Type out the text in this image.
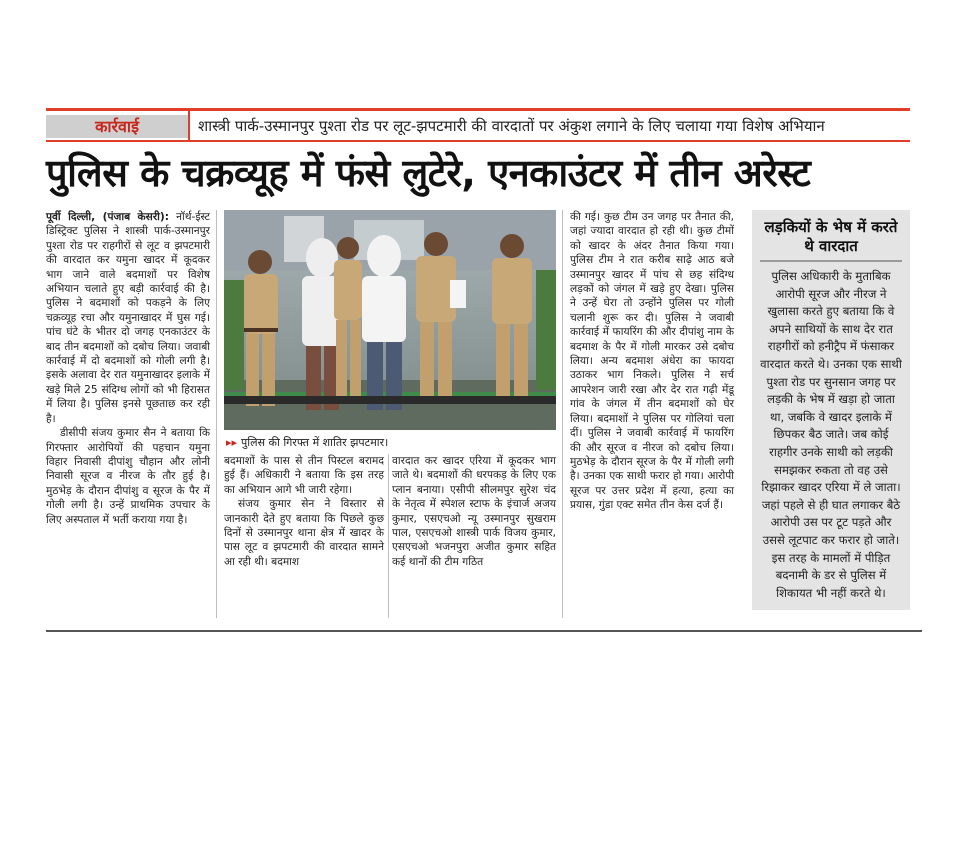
कार्रवाई	शास्त्री पार्क-उस्मानपुर पुश्ता रोड पर लूट-झपटमारी की वारदातों पर अंकुश लगाने के लिए चलाया गया विशेष अभियान
पुलिस के चक्रव्यूह में फंसे लुटेरे, एनकाउंटर में तीन अरेस्ट

पूर्वी दिल्ली, (पंजाब केसरी): नॉर्थ-ईस्ट डिस्ट्रिक्ट पुलिस ने शास्त्री पार्क-उस्मानपुर पुश्ता रोड पर राहगीरों से लूट व झपटमारी की वारदात कर यमुना खादर में कूदकर भाग जाने वाले बदमाशों पर विशेष अभियान चलाते हुए बड़ी कार्रवाई की है। पुलिस ने बदमाशों को पकड़ने के लिए चक्रव्यूह रचा और यमुनाखादर में घुस गई। पांच घंटे के भीतर दो जगह एनकाउंटर के बाद तीन बदमाशों को दबोच लिया। जवाबी कार्रवाई में दो बदमाशों को गोली लगी है। इसके अलावा देर रात यमुनाखादर इलाके में खड़े मिले 25 संदिग्ध लोगों को भी हिरासत में लिया है। पुलिस इनसे पूछताछ कर रही है।

डीसीपी संजय कुमार सैन ने बताया कि गिरफ्तार आरोपियों की पहचान यमुना विहार निवासी दीपांशु चौहान और लोनी निवासी सूरज व नीरज के तौर हुई है। मुठभेड़ के दौरान दीपांशु व सूरज के पैर में गोली लगी है। उन्हें प्राथमिक उपचार के लिए अस्पताल में भर्ती कराया गया है।

▸▸ पुलिस की गिरफ्त में शातिर झपटमार।

बदमाशों के पास से तीन पिस्टल बरामद हुई हैं। अधिकारी ने बताया कि इस तरह का अभियान आगे भी जारी रहेगा।

संजय कुमार सेन ने विस्तार से जानकारी देते हुए बताया कि पिछले कुछ दिनों से उस्मानपुर थाना क्षेत्र में खादर के पास लूट व झपटमारी की वारदात सामने आ रही थी। बदमाश

वारदात कर खादर एरिया में कूदकर भाग जाते थे। बदमाशों की धरपकड़ के लिए एक प्लान बनाया। एसीपी सीलमपुर सुरेश चंद के नेतृत्व में स्पेशल स्टाफ के इंचार्ज अजय कुमार, एसएचओ न्यू उस्मानपुर सुखराम पाल, एसएचओ शास्त्री पार्क विजय कुमार, एसएचओ भजनपुरा अजीत कुमार सहित कई थानों की टीम गठित

की गई। कुछ टीम उन जगह पर तैनात की, जहां ज्यादा वारदात हो रही थी। कुछ टीमों को खादर के अंदर तैनात किया गया। पुलिस टीम ने रात करीब साढ़े आठ बजे उस्मानपुर खादर में पांच से छह संदिग्ध लड़कों को जंगल में खड़े हुए देखा। पुलिस ने उन्हें घेरा तो उन्होंने पुलिस पर गोली चलानी शुरू कर दी। पुलिस ने जवाबी कार्रवाई में फायरिंग की और दीपांशु नाम के बदमाश के पैर में गोली मारकर उसे दबोच लिया। अन्य बदमाश अंधेरा का फायदा उठाकर भाग निकले। पुलिस ने सर्च आपरेशन जारी रखा और देर रात गढ़ी मेंडू गांव के जंगल में तीन बदमाशों को घेर लिया। बदमाशों ने पुलिस पर गोलियां चला दीं। पुलिस ने जवाबी कार्रवाई में फायरिंग की और सूरज व नीरज को दबोच लिया। मुठभेड़ के दौरान सूरज के पैर में गोली लगी है। उनका एक साथी फरार हो गया। आरोपी सूरज पर उत्तर प्रदेश में हत्या, हत्या का प्रयास, गुंडा एक्ट समेत तीन केस दर्ज हैं।

लड़कियों के भेष में करते थे वारदात
पुलिस अधिकारी के मुताबिक आरोपी सूरज और नीरज ने खुलासा करते हुए बताया कि वे अपने साथियों के साथ देर रात राहगीरों को हनीट्रैप में फंसाकर वारदात करते थे। उनका एक साथी पुश्ता रोड पर सुनसान जगह पर लड़की के भेष में खड़ा हो जाता था, जबकि वे खादर इलाके में छिपकर बैठ जाते। जब कोई राहगीर उनके साथी को लड़की समझकर रुकता तो वह उसे रिझाकर खादर एरिया में ले जाता। जहां पहले से ही घात लगाकर बैठे आरोपी उस पर टूट पड़ते और उससे लूटपाट कर फरार हो जाते। इस तरह के मामलों में पीड़ित बदनामी के डर से पुलिस में शिकायत भी नहीं करते थे।
